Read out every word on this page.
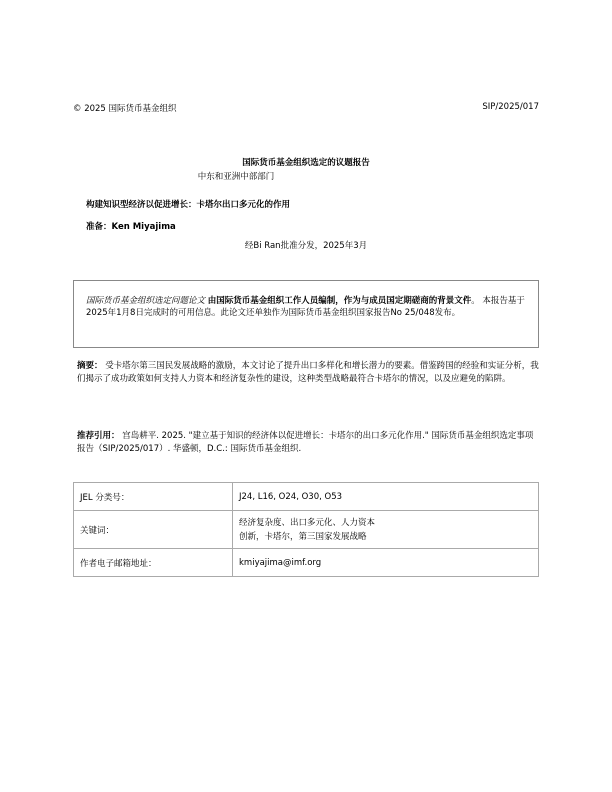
© 2025 国际货币基金组织	SIP/2025/017
国际货币基金组织选定的议题报告
中东和亚洲中部部门
构建知识型经济以促进增长：卡塔尔出口多元化的作用
准备：Ken Miyajima
经Bi Ran批准分发，2025年3月
国际货币基金组织选定问题论文 由国际货币基金组织工作人员编制，作为与成员国定期磋商的背景文件。 本报告基于2025年1月8日完成时的可用信息。此论文还单独作为国际货币基金组织国家报告No 25/048发布。
摘要： 受卡塔尔第三国民发展战略的激励，本文讨论了提升出口多样化和增长潜力的要素。借鉴跨国的经验和实证分析，我们揭示了成功政策如何支持人力资本和经济复杂性的建设，这种类型战略最符合卡塔尔的情况，以及应避免的陷阱。
推荐引用： 宫岛耕平. 2025. "建立基于知识的经济体以促进增长：卡塔尔的出口多元化作用." 国际货币基金组织选定事项报告（SIP/2025/017）. 华盛顿，D.C.: 国际货币基金组织.
JEL 分类号：	J24, L16, O24, O30, O53
关键词：	经济复杂度、出口多元化、人力资本
创新，卡塔尔，第三国家发展战略

作者电子邮箱地址：	kmiyajima@imf.org
